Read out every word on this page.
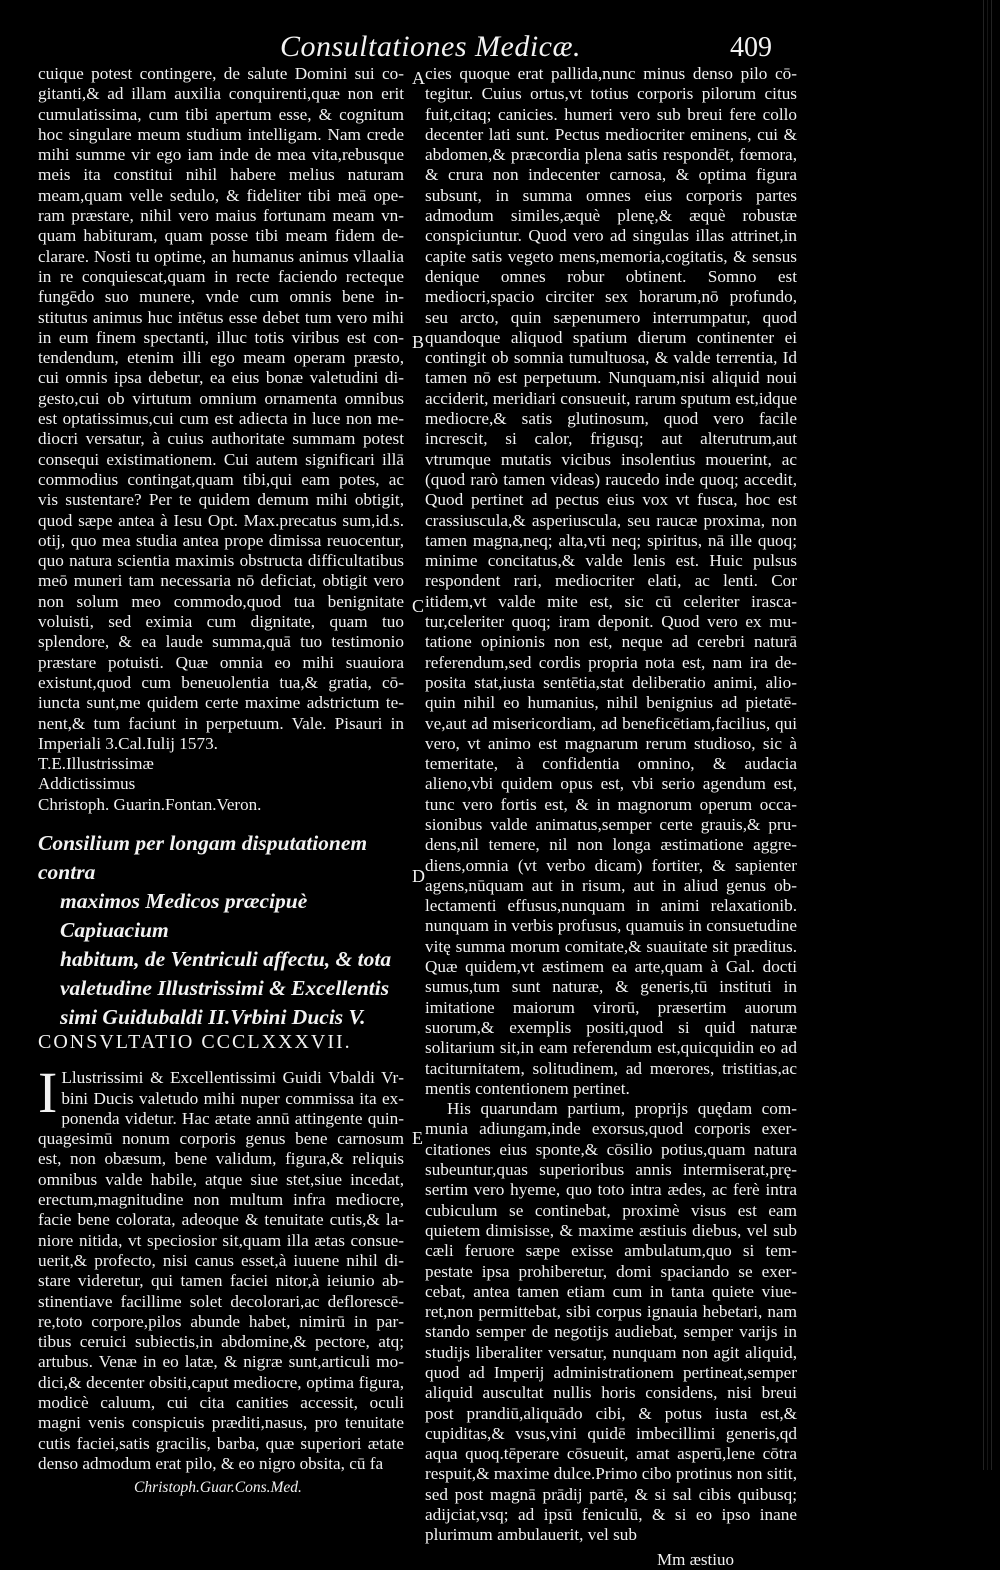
Consultationes Medicæ.	409

cuique potest contingere, de salute Domini sui cogitanti,& ad illam auxilia conquirenti,quæ non erit cumulatissima, cum tibi apertum esse, & cognitum hoc singulare meum studium intelligam. Nam crede mihi summe vir ego iam inde de mea vita,rebusque meis ita constitui nihil habere melius naturam meam,quam velle sedulo, & fideliter tibi meā operam præstare, nihil vero maius fortunam meam vnquam habituram, quam posse tibi meam fidem declarare. Nosti tu optime, an humanus animus vllaalia in re conquiescat,quam in recte faciendo recteque fungēdo suo munere, vnde cum omnis bene institutus animus huc intētus esse debet tum vero mihi in eum finem spectanti, illuc totis viribus est contendendum, etenim illi ego meam operam præsto, cui omnis ipsa debetur, ea eius bonæ valetudini digesto,cui ob virtutum omnium ornamenta omnibus est optatissimus,cui cum est adiecta in luce non mediocri versatur, à cuius authoritate summam potest consequi existimationem. Cui autem significari illā commodius contingat,quam tibi,qui eam potes, ac vis sustentare? Per te quidem demum mihi obtigit, quod sæpe antea à Iesu Opt. Max.precatus sum,id.s. otij, quo mea studia antea prope dimissa reuocentur, quo natura scientia maximis obstructa difficultatibus meō muneri tam necessaria nō deficiat, obtigit vero non solum meo commodo,quod tua benignitate voluisti, sed eximia cum dignitate, quam tuo splendore, & ea laude summa,quā tuo testimonio præstare potuisti. Quæ omnia eo mihi suauiora existunt,quod cum beneuolentia tua,& gratia, cōiuncta sunt,me quidem certe maxime adstrictum tenent,& tum faciunt in perpetuum. Vale. Pisauri in Imperiali 3.Cal.Iulij 1573.

T.E.Illustrissimæ

Addictissimus

Christoph. Guarin.Fontan.Veron.

Consilium per longam disputationem contra
maximos Medicos præcipuè Capiuacium
habitum, de Ventriculi affectu, & tota
valetudine Illustrissimi & Excellentis
simi Guidubaldi II.Vrbini Ducis V.

CONSVLTATIO CCCLXXXVII.

I Llustrissimi & Excellentissimi Guidi Vbaldi Vrbini Ducis valetudo mihi nuper commissa ita exponenda videtur. Hac ætate annū attingente quinquagesimū nonum corporis genus bene carnosum est, non obæsum, bene validum, figura,& reliquis omnibus valde habile, atque siue stet,siue incedat, erectum,magnitudine non multum infra mediocre, facie bene colorata, adeoque & tenuitate cutis,& laniore nitida, vt speciosior sit,quam illa ætas consueuerit,& profecto, nisi canus esset,à iuuene nihil distare videretur, qui tamen faciei nitor,à ieiunio abstinentiave facillime solet decolorari,ac deflorescēre,toto corpore,pilos abunde habet, nimirū in partibus ceruici subiectis,in abdomine,& pectore, atq; artubus. Venæ in eo latæ, & nigræ sunt,articuli modici,& decenter obsiti,caput mediocre, optima figura, modicè caluum, cui cita canities accessit, oculi magni venis conspicuis præditi,nasus, pro tenuitate cutis faciei,satis gracilis, barba, quæ superiori ætate denso admodum erat pilo, & eo nigro obsita, cū fa

Christoph.Guar.Cons.Med.

A
B
C
D
E

cies quoque erat pallida,nunc minus denso pilo cōtegitur. Cuius ortus,vt totius corporis pilorum citus fuit,citaq; canicies. humeri vero sub breui fere collo decenter lati sunt. Pectus mediocriter eminens, cui & abdomen,& præcordia plena satis respondēt, fœmora, & crura non indecenter carnosa, & optima figura subsunt, in summa omnes eius corporis partes admodum similes,æquè plenę,& æquè robustæ conspiciuntur. Quod vero ad singulas illas attrinet,in capite satis vegeto mens,memoria,cogitatis, & sensus denique omnes robur obtinent. Somno est mediocri,spacio circiter sex horarum,nō profundo, seu arcto, quin sæpenumero interrumpatur, quod quandoque aliquod spatium dierum continenter ei contingit ob somnia tumultuosa, & valde terrentia, Id tamen nō est perpetuum. Nunquam,nisi aliquid noui acciderit, meridiari consueuit, rarum sputum est,idque mediocre,& satis glutinosum, quod vero facile increscit, si calor, frigusq; aut alterutrum,aut vtrumque mutatis vicibus insolentius mouerint, ac (quod rarò tamen videas) raucedo inde quoq; accedit, Quod pertinet ad pectus eius vox vt fusca, hoc est crassiuscula,& asperiuscula, seu raucæ proxima, non tamen magna,neq; alta,vti neq; spiritus, nā ille quoq; minime concitatus,& valde lenis est. Huic pulsus respondent rari, mediocriter elati, ac lenti. Cor itidem,vt valde mite est, sic cū celeriter irascatur,celeriter quoq; iram deponit. Quod vero ex mutatione opinionis non est, neque ad cerebri naturā referendum,sed cordis propria nota est, nam ira deposita stat,iusta sentētia,stat deliberatio animi, alioquin nihil eo humanius, nihil benignius ad pietatēve,aut ad misericordiam, ad beneficētiam,facilius, qui vero, vt animo est magnarum rerum studioso, sic à temeritate, à confidentia omnino, & audacia alieno,vbi quidem opus est, vbi serio agendum est, tunc vero fortis est, & in magnorum operum occasionibus valde animatus,semper certe grauis,& prudens,nil temere, nil non longa æstimatione aggrediens,omnia (vt verbo dicam) fortiter, & sapienter agens,nūquam aut in risum, aut in aliud genus oblectamenti effusus,nunquam in animi relaxationib. nunquam in verbis profusus, quamuis in consuetudine vitę summa morum comitate,& suauitate sit præditus. Quæ quidem,vt æstimem ea arte,quam à Gal. docti sumus,tum sunt naturæ, & generis,tū instituti in imitatione maiorum virorū, præsertim auorum suorum,& exemplis positi,quod si quid naturæ solitarium sit,in eam referendum est,quicquidin eo ad taciturnitatem, solitudinem, ad mœrores, tristitias,ac mentis contentionem pertinet.

His quarundam partium, proprijs quędam communia adiungam,inde exorsus,quod corporis exercitationes eius sponte,& cōsilio potius,quam natura subeuntur,quas superioribus annis intermiserat,pręsertim vero hyeme, quo toto intra ædes, ac ferè intra cubiculum se continebat, proximè visus est eam quietem dimisisse, & maxime æstiuis diebus, vel sub cæli feruore sæpe exisse ambulatum,quo si tempestate ipsa prohiberetur, domi spaciando se exercebat, antea tamen etiam cum in tanta quiete viueret,non permittebat, sibi corpus ignauia hebetari, nam stando semper de negotijs audiebat, semper varijs in studijs liberaliter versatur, nunquam non agit aliquid, quod ad Imperij administrationem pertineat,semper aliquid auscultat nullis horis considens, nisi breui post prandiū,aliquādo cibi, & potus iusta est,& cupiditas,& vsus,vini quidē imbecillimi generis,qd aqua quoq.tēperare cōsueuit, amat asperū,lene cōtra respuit,& maxime dulce.Primo cibo protinus non sitit, sed post magnā prādij partē, & si sal cibis quibusq; adijciat,vsq; ad ipsū feniculū, & si eo ipso inane plurimum ambulauerit, vel sub

Mm æstiuo
